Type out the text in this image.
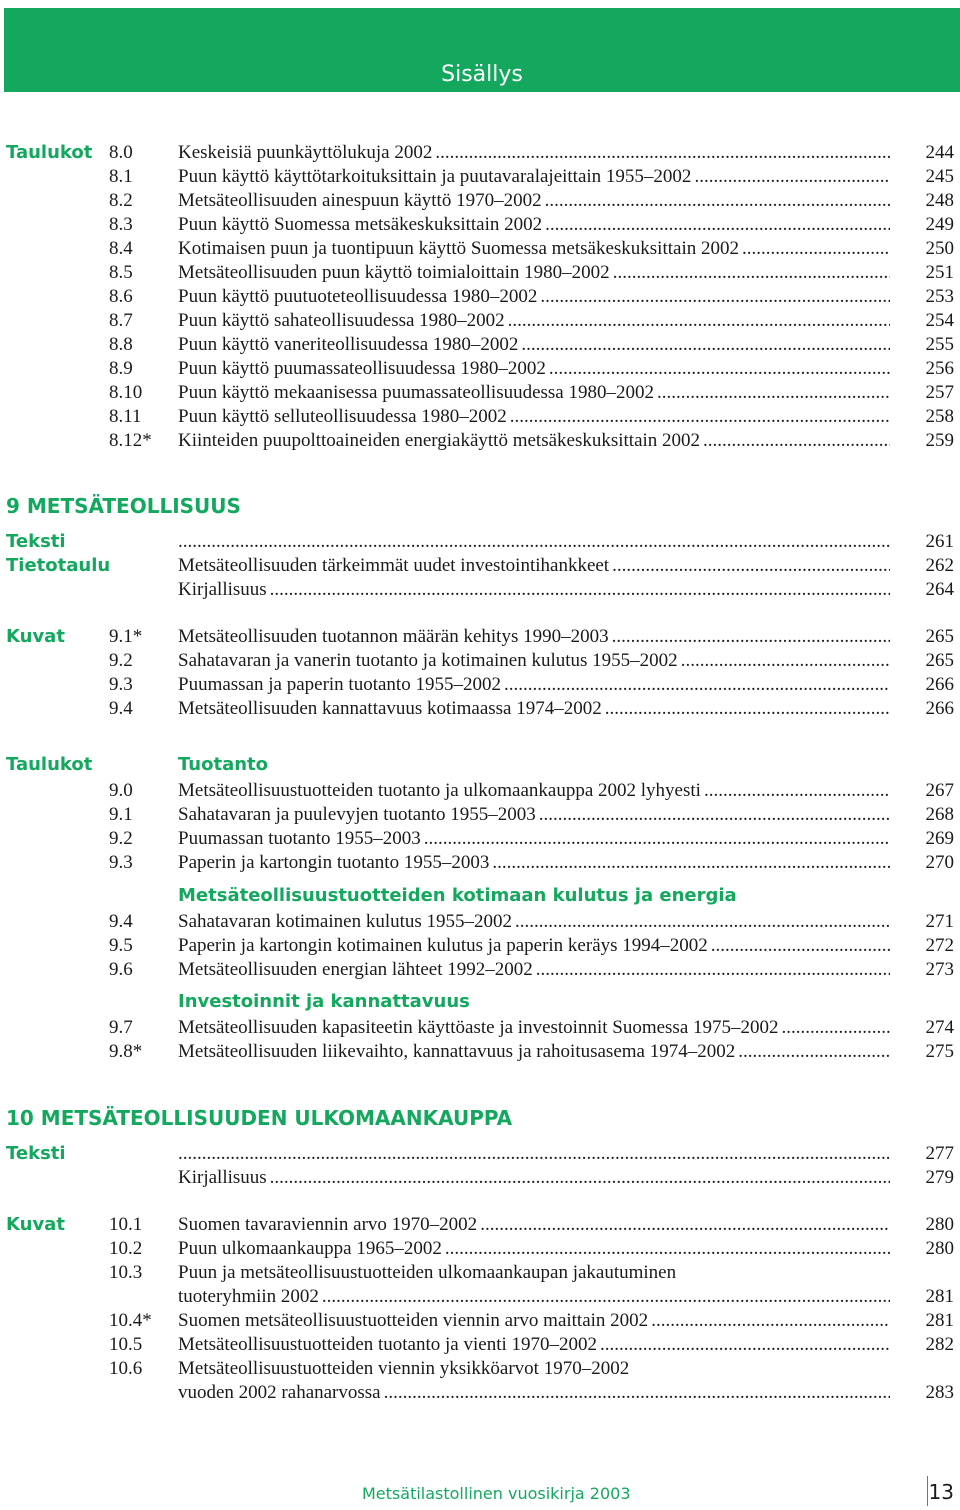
Sisällys
Taulukot 8.0 Keskeisiä puunkäyttölukuja 2002 .....	244
8.1 Puun käyttö käyttötarkoituksittain ja puutavaralajeittain 1955–2002 .....	245
8.2 Metsäteollisuuden ainespuun käyttö 1970–2002 .....	248
8.3 Puun käyttö Suomessa metsäkeskuksittain 2002 .....	249
8.4 Kotimaisen puun ja tuontipuun käyttö Suomessa metsäkeskuksittain 2002 .....	250
8.5 Metsäteollisuuden puun käyttö toimialoittain 1980–2002 .....	251
8.6 Puun käyttö puutuoteteollisuudessa 1980–2002 .....	253
8.7 Puun käyttö sahateollisuudessa 1980–2002 .....	254
8.8 Puun käyttö vaneriteollisuudessa 1980–2002 .....	255
8.9 Puun käyttö puumassateollisuudessa 1980–2002 .....	256
8.10 Puun käyttö mekaanisessa puumassateollisuudessa 1980–2002 .....	257
8.11 Puun käyttö selluteollisuudessa 1980–2002 .....	258
8.12* Kiinteiden puupolttoaineiden energiakäyttö metsäkeskuksittain 2002 .....	259
9 METSÄTEOLLISUUS
Teksti .....	261
Tietotaulu	Metsäteollisuuden tärkeimmät uudet investointihankkeet .....	262
Kirjallisuus .....	264
Kuvat 9.1* Metsäteollisuuden tuotannon määrän kehitys 1990–2003 .....	265
9.2 Sahatavaran ja vanerin tuotanto ja kotimainen kulutus 1955–2002 .....	265
9.3 Puumassan ja paperin tuotanto 1955–2002 .....	266
9.4 Metsäteollisuuden kannattavuus kotimaassa 1974–2002 .....	266
Taulukot	Tuotanto
9.0 Metsäteollisuustuotteiden tuotanto ja ulkomaankauppa 2002 lyhyesti .....	267
9.1 Sahatavaran ja puulevyjen tuotanto 1955–2003 .....	268
9.2 Puumassan tuotanto 1955–2003 .....	269
9.3 Paperin ja kartongin tuotanto 1955–2003 .....	270
Metsäteollisuustuotteiden kotimaan kulutus ja energia
9.4 Sahatavaran kotimainen kulutus 1955–2002 .....	271
9.5 Paperin ja kartongin kotimainen kulutus ja paperin keräys 1994–2002 .....	272
9.6 Metsäteollisuuden energian lähteet 1992–2002 .....	273
Investoinnit ja kannattavuus
9.7 Metsäteollisuuden kapasiteetin käyttöaste ja investoinnit Suomessa 1975–2002 .....	274
9.8* Metsäteollisuuden liikevaihto, kannattavuus ja rahoitusasema 1974–2002 .....	275
10 METSÄTEOLLISUUDEN ULKOMAANKAUPPA
Teksti .....	277
Kirjallisuus .....	279
Kuvat 10.1 Suomen tavaraviennin arvo 1970–2002 .....	280
10.2 Puun ulkomaankauppa 1965–2002 .....	280
10.3 Puun ja metsäteollisuustuotteiden ulkomaankaupan jakautuminen
tuoteryhmiin 2002 .....	281
10.4* Suomen metsäteollisuustuotteiden viennin arvo maittain 2002 .....	281
10.5 Metsäteollisuustuotteiden tuotanto ja vienti 1970–2002 .....	282
10.6 Metsäteollisuustuotteiden viennin yksikköarvot 1970–2002
vuoden 2002 rahanarvossa .....	283
Metsätilastollinen vuosikirja 2003	13
